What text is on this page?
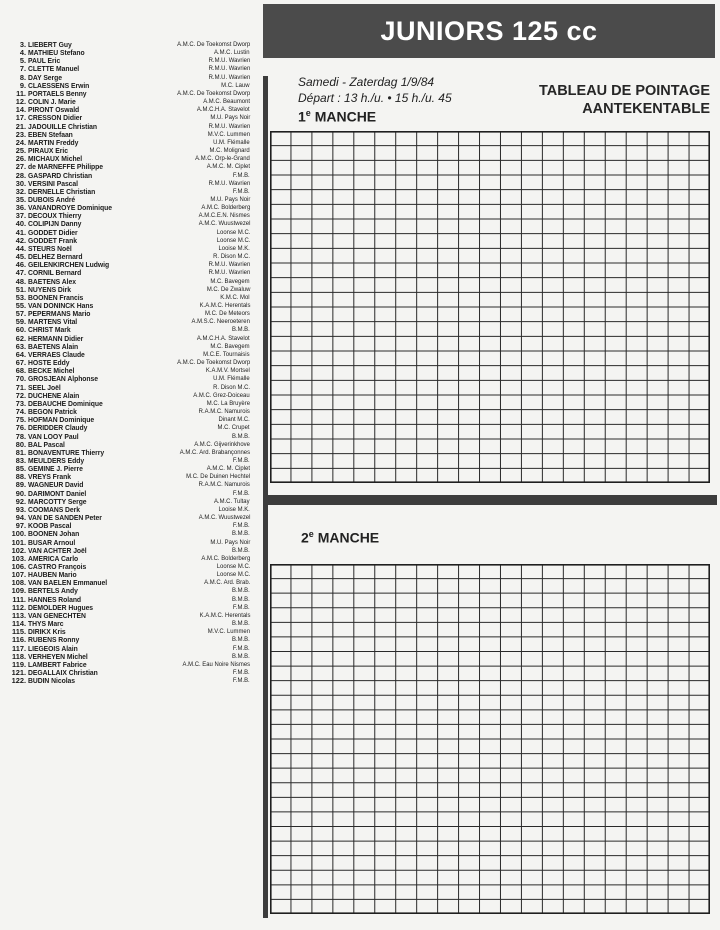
3. LIEBERT Guy	A.M.C. De Toekomst Dworp
4. MATHIEU Stefano	A.M.C. Lustin
5. PAUL Eric	R.M.U. Wavrien
7. CLETTE Manuel	R.M.U. Wavrien
8. DAY Serge	R.M.U. Wavrien
9. CLAESSENS Erwin	M.C. Lauw
11. PORTAELS Benny	A.M.C. De Toekomst Dworp
12. COLIN J. Marie	A.M.C. Beaumont
14. PIRONT Oswald	A.M.C.H.A. Stavelot
17. CRESSON Didier	M.U. Pays Noir
21. JADOUILLE Christian	R.M.U. Wavrien
23. EBEN Stefaan	M.V.C. Lummen
24. MARTIN Freddy	U.M. Flémalle
25. PIRAUX Eric	M.C. Molignard
26. MICHAUX Michel	A.M.C. Orp-le-Grand
27. de MARNEFFE Philippe	A.M.C. M. Ciplet
28. GASPARD Christian	F.M.B.
30. VERSINI Pascal	R.M.U. Wavrien
32. DERNELLE Christian	F.M.B.
35. DUBOIS André	M.U. Pays Noir
36. VANANDROYE Dominique	A.M.C. Bolderberg
37. DECOUX Thierry	A.M.C.E.N. Nismes
40. COLIPIJN Danny	A.M.C. Wuustwezel
41. GODDET Didier	Loonse M.C.
42. GODDET Frank	Loonse M.C.
44. STEURS Noël	Looise M.K.
45. DELHEZ Bernard	R. Dison M.C.
46. GEILENKIRCHEN Ludwig	R.M.U. Wavrien
47. CORNIL Bernard	R.M.U. Wavrien
48. BAETENS Alex	M.C. Bavegem
51. NUYENS Dirk	M.C. De Zwaluw
53. BOONEN Francis	K.M.C. Mol
55. VAN DONINCK Hans	K.A.M.C. Herentals
57. PEPERMANS Mario	M.C. De Meteors
59. MARTENS Vital	A.M.S.C. Neeroeteren
60. CHRIST Mark	B.M.B.
62. HERMANN Didier	A.M.C.H.A. Stavelot
63. BAETENS Alain	M.C. Bavegem
64. VERRAES Claude	M.C.E. Tournaisis
67. HOSTE Eddy	A.M.C. De Toekomst Dworp
68. BECKE Michel	K.A.M.V. Mortsel
70. GROSJEAN Alphonse	U.M. Flémalle
71. SEEL Joël	R. Dison M.C.
72. DUCHENE Alain	A.M.C. Grez-Doiceau
73. DEBAUCHE Dominique	M.C. La Bruyère
74. BEGON Patrick	R.A.M.C. Namurois
75. HOFMAN Dominique	Dinant M.C.
76. DERIDDER Claudy	M.C. Crupet
78. VAN LOOY Paul	B.M.B.
80. BAL Pascal	A.M.C. Gijverinkhove
81. BONAVENTURE Thierry	A.M.C. Ard. Brabançonnes
83. MEULDERS Eddy	F.M.B.
85. GEMINE J. Pierre	A.M.C. M. Ciplet
88. VREYS Frank	M.C. De Duinen Hechtel
89. WAGNEUR David	R.A.M.C. Namurois
90. DARIMONT Daniel	F.M.B.
92. MARCOTTY Serge	A.M.C. Tultay
93. COOMANS Derk	Looise M.K.
94. VAN DE SANDEN Peter	A.M.C. Wuustwezel
97. KOOB Pascal	F.M.B.
100. BOONEN Johan	B.M.B.
101. BUSAR Arnoul	M.U. Pays Noir
102. VAN ACHTER Joël	B.M.B.
103. AMERICA Carlo	A.M.C. Bolderberg
106. CASTRO François	Loonse M.C.
107. HAUBEN Mario	Loonse M.C.
108. VAN BAELEN Emmanuel	A.M.C. Ard. Brab.
109. BERTELS Andy	B.M.B.
111. HANNES Roland	B.M.B.
112. DEMOLDER Hugues	F.M.B.
113. VAN GENECHTEN	K.A.M.C. Herentals
114. THYS Marc	B.M.B.
115. DIRIKX Kris	M.V.C. Lummen
116. RUBENS Ronny	B.M.B.
117. LIEGEOIS Alain	F.M.B.
118. VERHEYEN Michel	B.M.B.
119. LAMBERT Fabrice	A.M.C. Eau Noire Nismes
121. DEGALLAIX Christian	F.M.B.
122. BUDIN Nicolas	F.M.B.
JUNIORS 125 cc
Samedi - Zaterdag 1/9/84
Départ : 13 h./u. • 15 h./u. 45	TABLEAU DE POINTAGE
AANTEKENTABLE
1e MANCHE
2e MANCHE
